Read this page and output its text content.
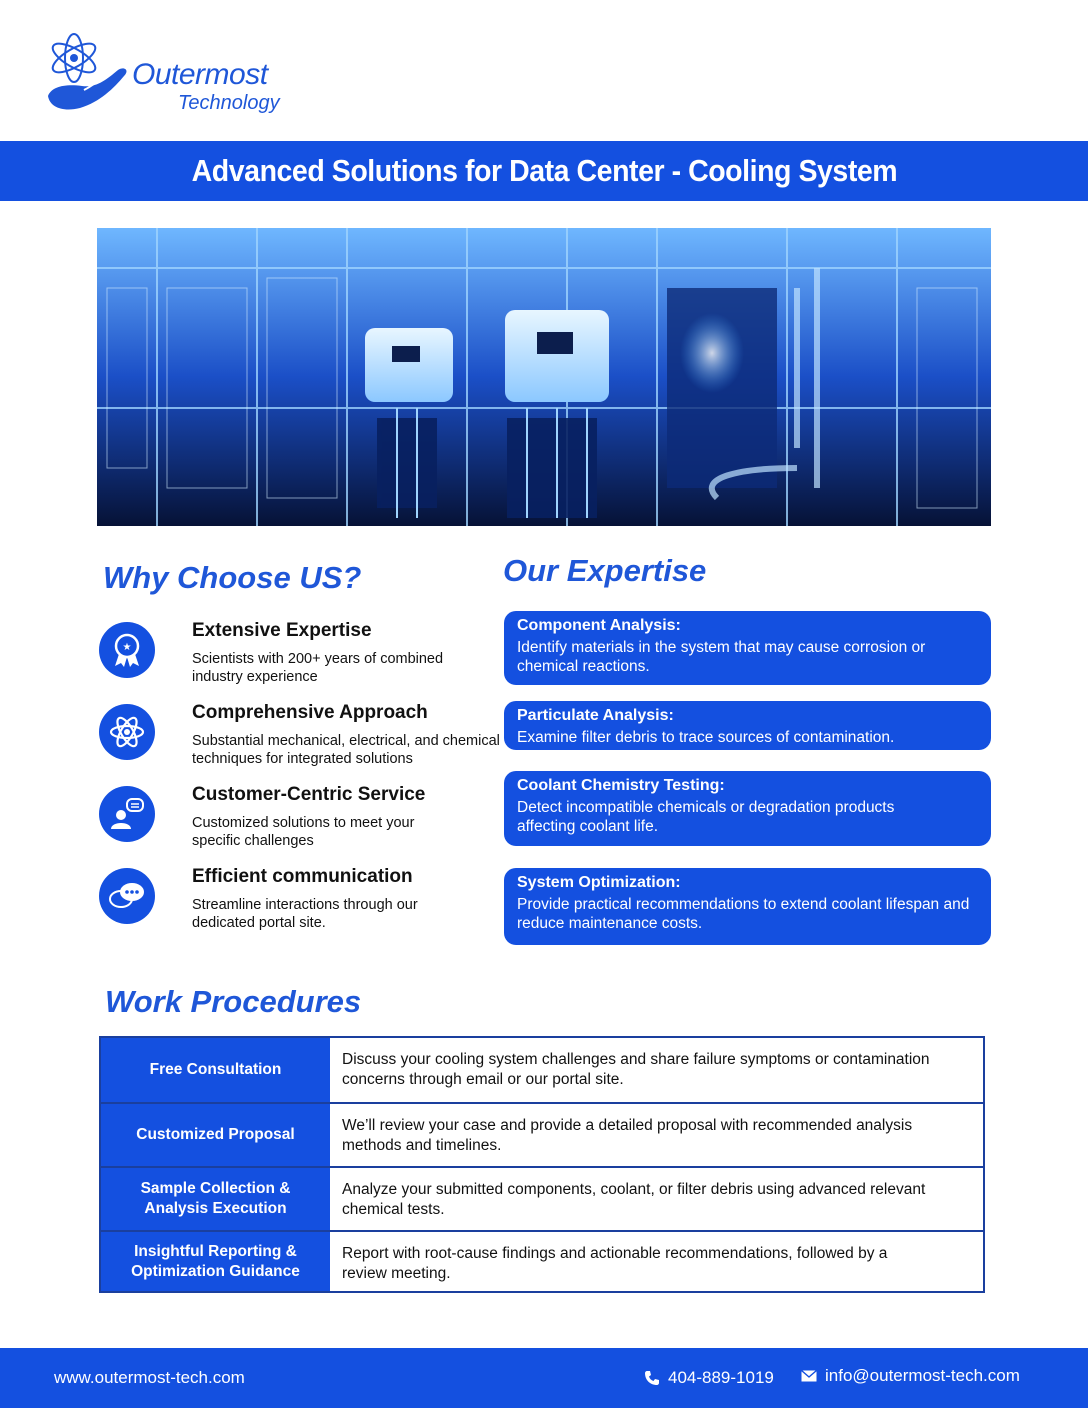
Outermost
Technology
Advanced Solutions for Data Center - Cooling System
Why Choose US?
★
Extensive Expertise
Scientists with 200+ years of combined industry experience
Comprehensive Approach
Substantial mechanical, electrical, and chemical techniques for integrated solutions
Customer-Centric Service
Customized solutions to meet your specific challenges
Efficient communication
Streamline interactions through our dedicated portal site.
Our Expertise
Component Analysis:
Identify materials in the system that may cause corrosion or chemical reactions.
Particulate Analysis:
Examine filter debris to trace sources of contamination.
Coolant Chemistry Testing:
Detect incompatible chemicals or degradation products affecting coolant life.
System Optimization:
Provide practical recommendations to extend coolant lifespan and reduce maintenance costs.
Work Procedures
Free Consultation
Discuss your cooling system challenges and share failure symptoms or contamination concerns through email or our portal site.
Customized Proposal
We’ll review your case and provide a detailed proposal with recommended analysis methods and timelines.
Sample Collection & Analysis Execution
Analyze your submitted components, coolant, or filter debris using advanced relevant chemical tests.
Insightful Reporting & Optimization Guidance
Report with root-cause findings and actionable recommendations, followed by a review meeting.
www.outermost-tech.com	404-889-1019	info@outermost-tech.com
